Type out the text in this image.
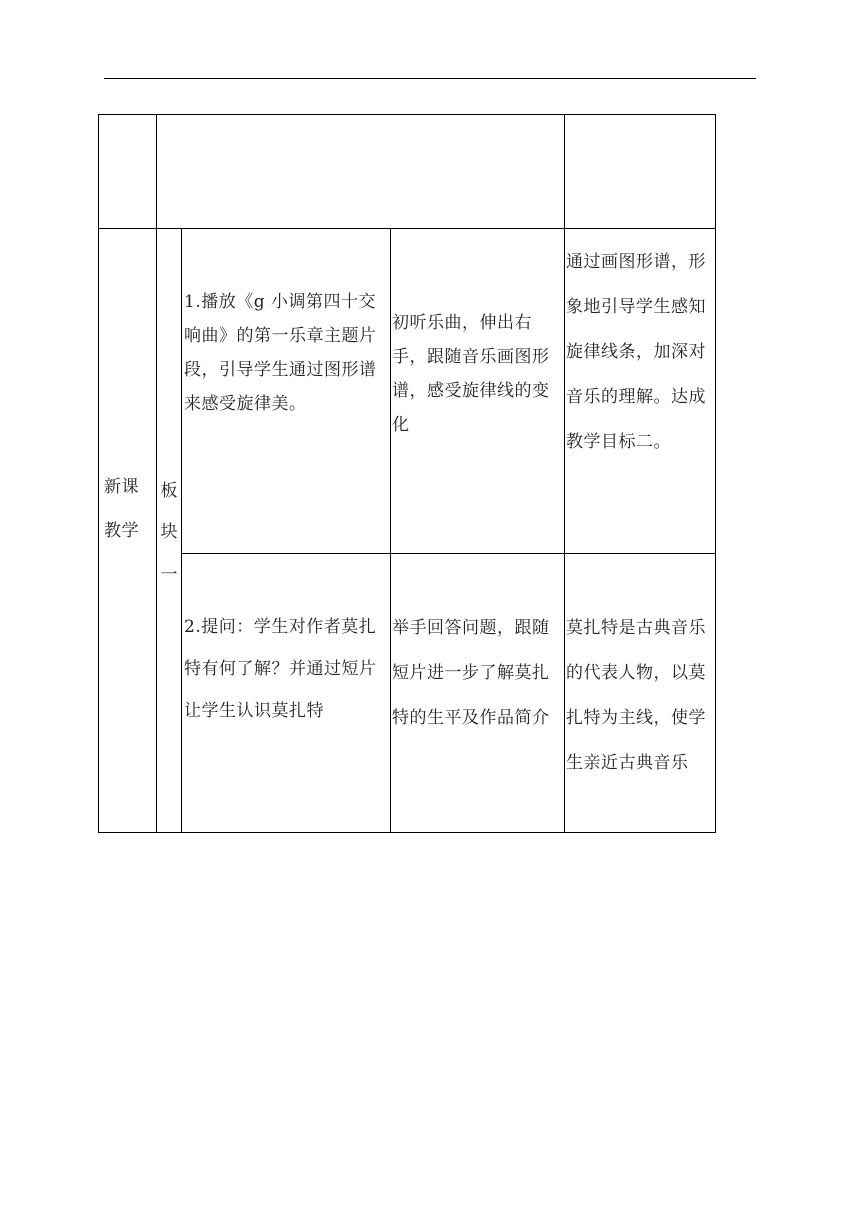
新课
教学
板
块
一
1.播放《g 小调第四十交响曲》的第一乐章主题片段，引导学生通过图形谱来感受旋律美。
初听乐曲，伸出右手，跟随音乐画图形谱，感受旋律线的变化
通过画图形谱，形象地引导学生感知旋律线条，加深对音乐的理解。达成教学目标二。
2.提问：学生对作者莫扎特有何了解？并通过短片让学生认识莫扎特
举手回答问题，跟随短片进一步了解莫扎特的生平及作品简介
莫扎特是古典音乐的代表人物，以莫扎特为主线，使学生亲近古典音乐
